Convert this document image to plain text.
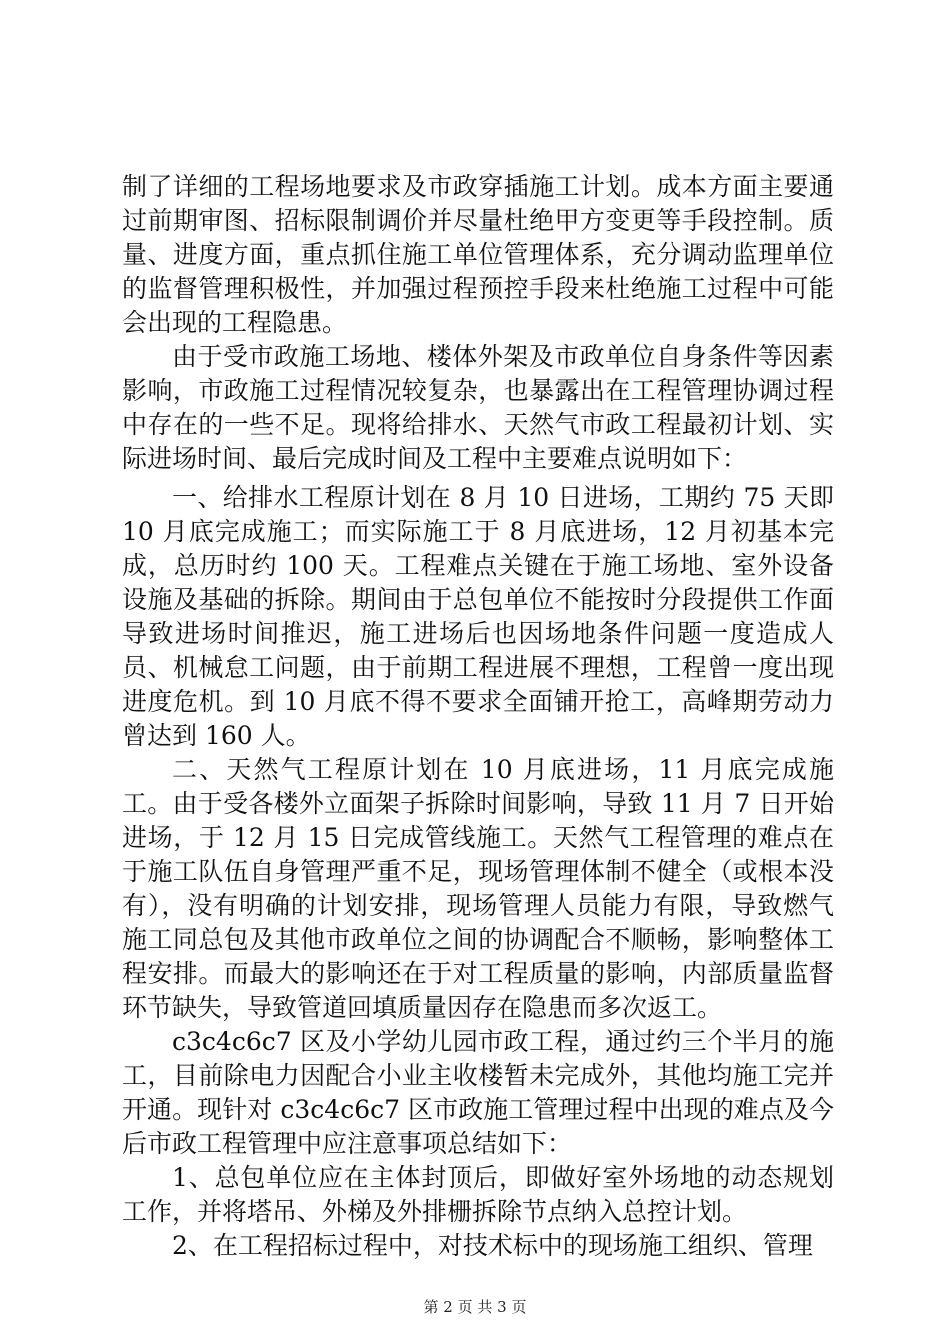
制了详细的工程场地要求及市政穿插施工计划。成本方面主要通过前期审图、招标限制调价并尽量杜绝甲方变更等手段控制。质量、进度方面，重点抓住施工单位管理体系，充分调动监理单位的监督管理积极性，并加强过程预控手段来杜绝施工过程中可能会出现的工程隐患。

由于受市政施工场地、楼体外架及市政单位自身条件等因素影响，市政施工过程情况较复杂，也暴露出在工程管理协调过程中存在的一些不足。现将给排水、天然气市政工程最初计划、实际进场时间、最后完成时间及工程中主要难点说明如下：

一、给排水工程原计划在 8 月 10 日进场，工期约 75 天即 10 月底完成施工；而实际施工于 8 月底进场，12 月初基本完成，总历时约 100 天。工程难点关键在于施工场地、室外设备设施及基础的拆除。期间由于总包单位不能按时分段提供工作面导致进场时间推迟，施工进场后也因场地条件问题一度造成人员、机械怠工问题，由于前期工程进展不理想，工程曾一度出现进度危机。到 10 月底不得不要求全面铺开抢工，高峰期劳动力曾达到 160 人。

二、天然气工程原计划在 10 月底进场，11 月底完成施工。由于受各楼外立面架子拆除时间影响，导致 11 月 7 日开始进场，于 12 月 15 日完成管线施工。天然气工程管理的难点在于施工队伍自身管理严重不足，现场管理体制不健全（或根本没有），没有明确的计划安排，现场管理人员能力有限，导致燃气施工同总包及其他市政单位之间的协调配合不顺畅，影响整体工程安排。而最大的影响还在于对工程质量的影响，内部质量监督环节缺失，导致管道回填质量因存在隐患而多次返工。

c3c4c6c7 区及小学幼儿园市政工程，通过约三个半月的施工，目前除电力因配合小业主收楼暂未完成外，其他均施工完并开通。现针对 c3c4c6c7 区市政施工管理过程中出现的难点及今后市政工程管理中应注意事项总结如下：

1、总包单位应在主体封顶后，即做好室外场地的动态规划工作，并将塔吊、外梯及外排栅拆除节点纳入总控计划。

2、在工程招标过程中，对技术标中的现场施工组织、管理

第 2 页 共 3 页
